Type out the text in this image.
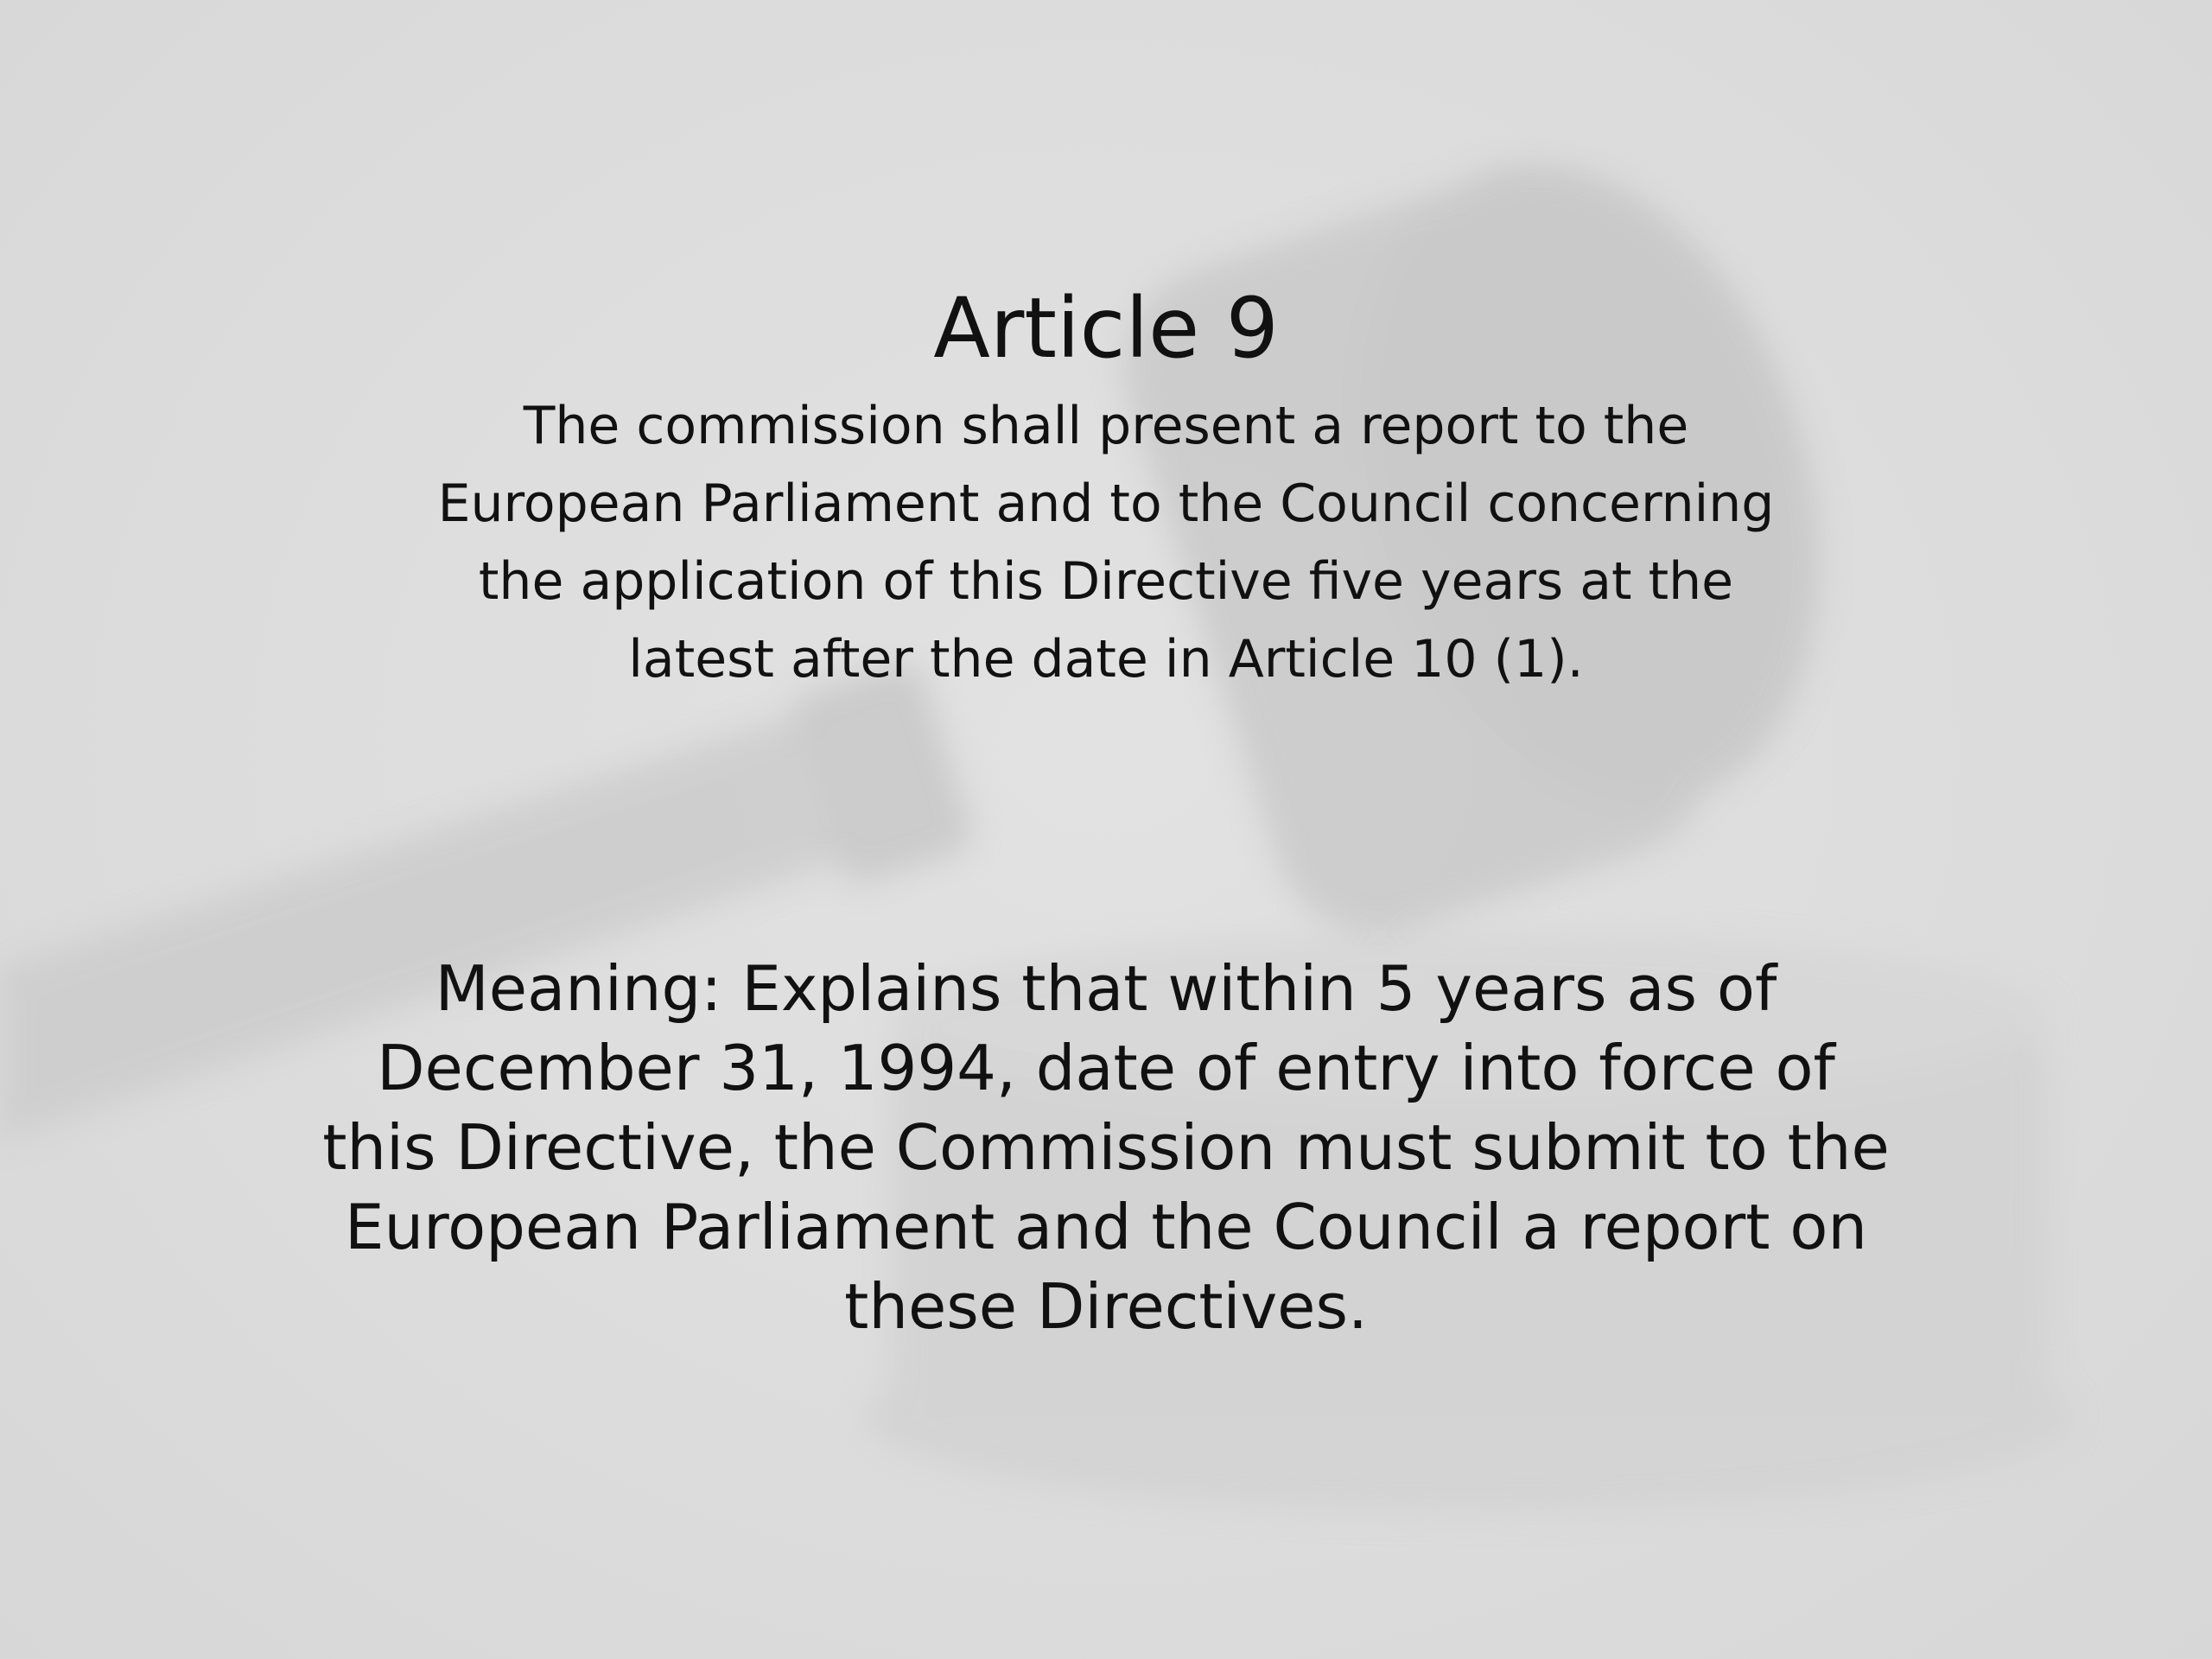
Article 9

The commission shall present a report to the
European Parliament and to the Council concerning
the application of this Directive five years at the
latest after the date in Article 10 (1).

Meaning: Explains that within 5 years as of
December 31, 1994, date of entry into force of
this Directive, the Commission must submit to the
European Parliament and the Council a report on
these Directives.
